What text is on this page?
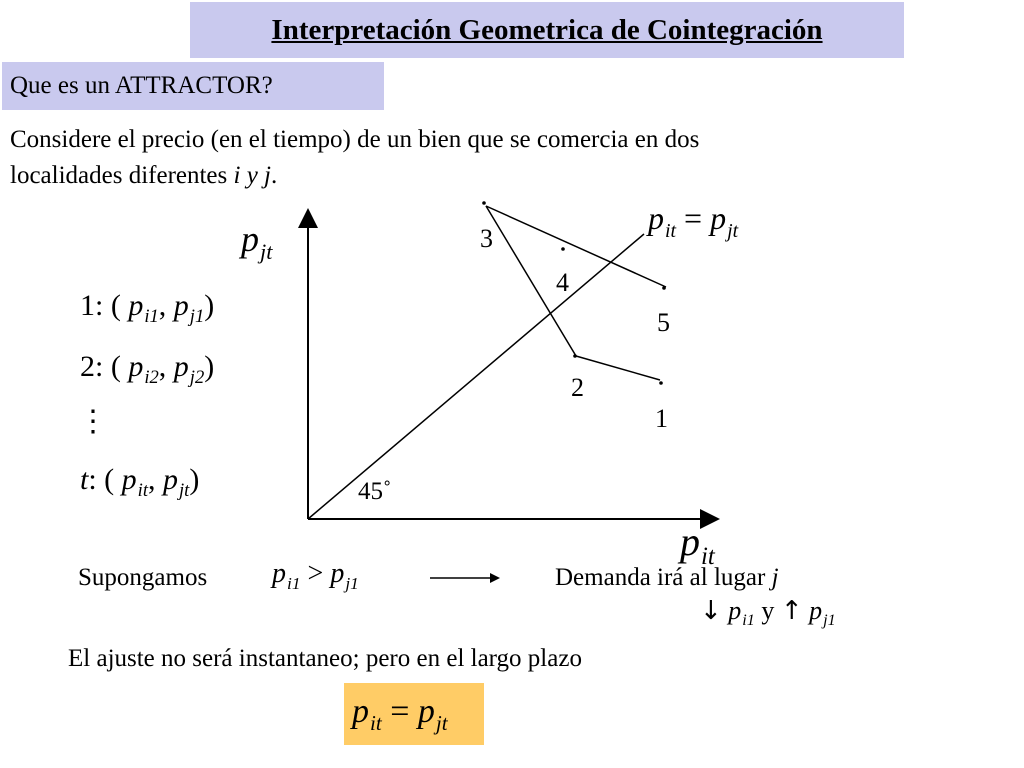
Interpretación Geometrica de Cointegración
Que es un ATTRACTOR?
Considere el precio (en el tiempo) de un bien que se comercia en dos
localidades diferentes i y j.
$p_{jt}$
$p_{it}$
$p_{it} = p_{jt}$
3
4
5
2
1
45˚
1: ( $p_{i1}$, $p_{j1}$)
2: ( $p_{i2}$, $p_{j2}$)
⋮
t: ( $p_{it}$, $p_{jt}$)
Supongamos $p_{i1} > p_{j1}$	Demanda irá al lugar j
↓ $p_{i1}$ y ↑ $p_{j1}$
El ajuste no será instantaneo; pero en el largo plazo
$p_{it} = p_{jt}$
